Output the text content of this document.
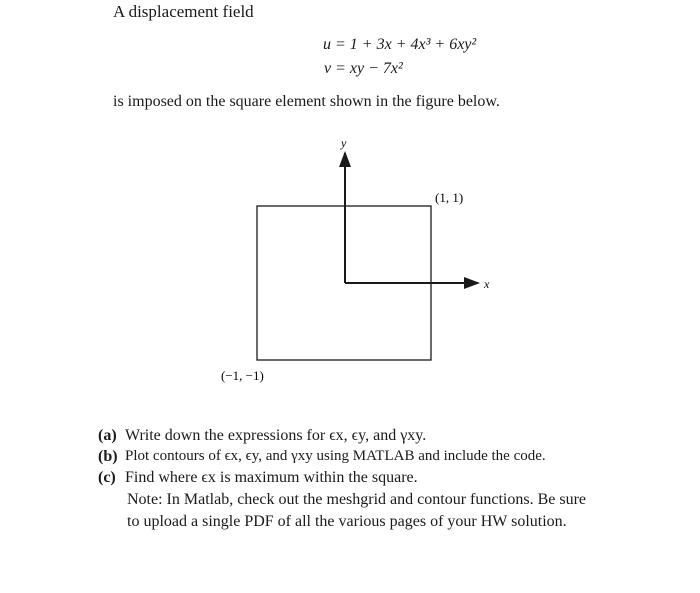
A displacement field
u = 1 + 3x + 4x³ + 6xy²
v = xy − 7x²
is imposed on the square element shown in the figure below.
y
x
(1, 1)
(−1, −1)
(a) Write down the expressions for ϵx, ϵy, and γxy.
(b) Plot contours of ϵx, ϵy, and γxy using MATLAB and include the code.
(c) Find where ϵx is maximum within the square.
Note: In Matlab, check out the meshgrid and contour functions. Be sure to upload a single PDF of all the various pages of your HW solution.
